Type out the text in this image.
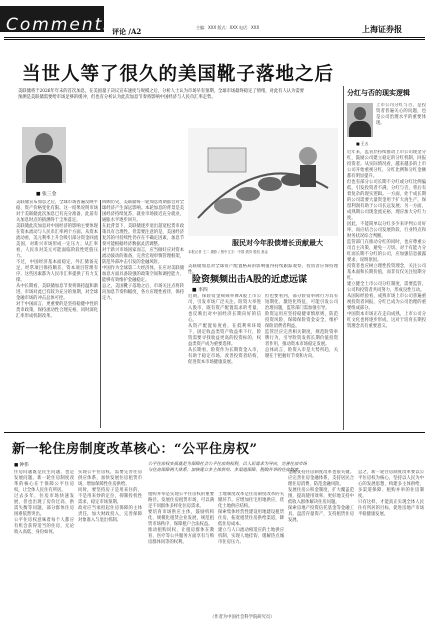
Comments
评论 /A2	主编：XXX 版式：XXX 电话：XXX	上海证券报
当世人等了很久的美国靴子落地之后

美联储将于2026年年末的首次加息，在美国量子决议宣布速度与规模之后，分析人士认为市场早有预期，全球市场最终稳定了情绪，对此有人认为需要预测是美联储需要给市场足够的缓冲，但也有分析认为此次加息节奏将影响中国经济与人民币汇率走势。

■ 张三金
美联储宣布加息之后，全球市场普遍反映平稳，资产价格变化有限。这一结果说明市场对于美联储此次加息已有充分准备，此前有关加息时点的猜测终于尘埃落定。
美联储此次加息对中国经济的影响主要体现在资本流动与人民币汇率两个方面。从资本流动看，美元利率上升会吸引部分资金回流美国，对新兴市场形成一定压力；从汇率看，人民币对美元可能面临阶段性贬值压力。
不过，中国经济基本面稳定，外汇储备充足，经常项目保持顺差，资本项目管理有序，这些因素都为人民币汇率提供了有力支撑。
从中长期看，美联储加息节奏将保持温和渐进，市场对此已有较为充分的预期，对全球金融市场的冲击总体可控。
对于中国而言，更重要的是坚持稳健中性的货币政策，保持流动性合理充裕，同时深化汇率形成机制改革。
回顾历史，美联储每一轮加息周期都会对全球经济产生深远影响。本轮加息的背景是美国经济持续复苏，就业市场接近充分就业，通胀水平逐步回升。
在此背景下，美联储逐步退出超宽松货币政策具有合理性。但需要注意的是，美国经济复苏的可持续性仍存在不确定因素，加息节奏可能根据经济数据灵活调整。
对于新兴市场国家而言，应当做好应对资本流动波动的准备，完善宏观审慎管理框架，防范外部冲击引发的金融风险。
中国作为全球第二大经济体，在应对美联储加息方面具备较强的政策空间和调控能力，能够有效维护金融稳定。
总之，美国靴子落地之后，市场关注点将转向加息节奏和幅度，各方应理性看待，保持定力。
美联储加息对全球资产配置格局的影响值得持续跟踪观察，投资者应保持理性。
服民对今年股债增长贡献最大

本报记者 王二 摄影 / 图中文字：中国 债券 股权 基金

险资频频出击A股的近虑远谋
■ 李四
近期，保险资金频频举牌A股上市公司，引发市场广泛关注。险资大举进入股市，既有资产配置需求的考量，也反映出对中国经济长期向好的信心。
从资产配置角度看，在低利率环境下，固定收益类资产收益率下行，险资需要寻找收益更高的投资标的，权益类资产成为重要选择。
从长期看，险资作为长期资金入市，有助于稳定市场，改善投资者结构，促进资本市场健康发展。
但也要看到，部分险资举牌行为具有短期化、激进化特征，可能引发公司治理问题，监管部门需加强引导。
险资运用应坚持稳健审慎原则，防范投资风险，保障保险资金安全，维护保险消费者利益。
监管层应完善相关制度，规范险资举牌行为，引导险资发挥长期价值投资者作用，推动资本市场稳定发展。
总体而言，险资入市是大势所趋，关键在于把握好节奏和方向。
分红与否的现实逻辑
■ 王五
上市公司分红与否，是投资者普遍关心的问题，也是公司治理水平的重要体现。
近年来，监管层持续推动上市公司现金分红，鼓励公司建立稳定的分红机制，回报投资者。从实际情况看，越来越多的上市公司开始重视分红，分红比例和分红金额都有明显提升。
但也有部分公司长期不分红或分红比例偏低，引发投资者不满。分红与否，背后有着复杂的现实逻辑。一方面，处于成长期的公司需要大量资金用于扩大再生产，保留利润有助于公司长远发展；另一方面，成熟期公司现金流充裕，理应加大分红力度。
因此，不能简单以分红多少来评判公司好坏，而应结合公司发展阶段、行业特点和财务状况综合判断。
监管部门在推动分红的同时，也应尊重公司自主决策，避免一刀切。对于有能力分红而长期不分红的公司，应加强信息披露要求，说明原因。
投资者也应树立理性投资理念，关注公司基本面和长期价值，而非仅仅关注短期分红。
建立健全上市公司分红制度，需要监管、公司和投资者共同努力，形成良性互动。
从国际经验看，成熟市场上市公司普遍重视投资者回报，分红已成为公司治理的重要组成部分。
中国资本市场正在走向成熟，上市公司分红文化也将逐步形成，这对于培育长期投资理念具有重要意义。
新一轮住房制度改革核心：“公平住房权”
■ 钟伟	公平住房权实质就是为保障社会公平住房的权利，以人民需求为导向，完善住房市场与住房保障两大体系，加快建立多主体供给、多渠道保障、租购并举的住房制度。

住房问题既是民生问题，也是发展问题。新一轮住房制度改革的核心在于保障公平住房权，让全体人民住有所居。
过去多年，住房市场快速发展，但也出现了房价过高、供需失衡等问题，部分群体住房困难依然突出。
公平住房权意味着每个人都应有机会获得适当的住房，无论收入高低、身份如何。
实现公平住房权，需要完善住房供应体系，加快发展住房租赁市场，增加保障性住房供给。
同时，要坚持房子是用来住的、不是用来炒的定位，抑制投机性需求，稳定市场预期。
政府应当承担起住房保障的主体责任，加大财政投入，完善保障对象准入与退出机制。
租购并举是实现公平住房权的重要路径。发展住房租赁市场，可以满足不同群体多样化住房需求。
要培育市场供应主体，鼓励机构化、规模化租赁企业发展，规范租赁市场秩序，保障租户合法权益。
推动租购同权，让租房群体在教育、医疗等公共服务方面享有与购房群体同等的权利。
土地制度改革是住房制度改革的关键环节。应增加住宅用地供应，优化土地供应结构。
探索集体经营性建设用地建设租赁住房，拓宽租赁住房供给渠道，降低住房成本。
建立与人口流动相适应的土地供应机制，实现人地挂钩，缓解热点城市住房压力。
金融支持住房制度改革也很关键。应完善住房金融体系，支持居民合理住房消费，防范金融风险。
发展住房公积金制度，扩大覆盖范围，提高使用效率，更好地支持中低收入群体解决住房问题。
探索房地产投资信托基金等金融工具，盘活存量资产，支持租赁住房发展。
总之，新一轮住房制度改革要以公平住房权为核心，坚持以人民为中心的发展思想，构建多主体供给、多渠道保障、租购并举的住房制度。
只有这样，才能真正实现全体人民住有所居的目标，促进房地产市场平稳健康发展。
（作者为中国社会科学院研究员）
